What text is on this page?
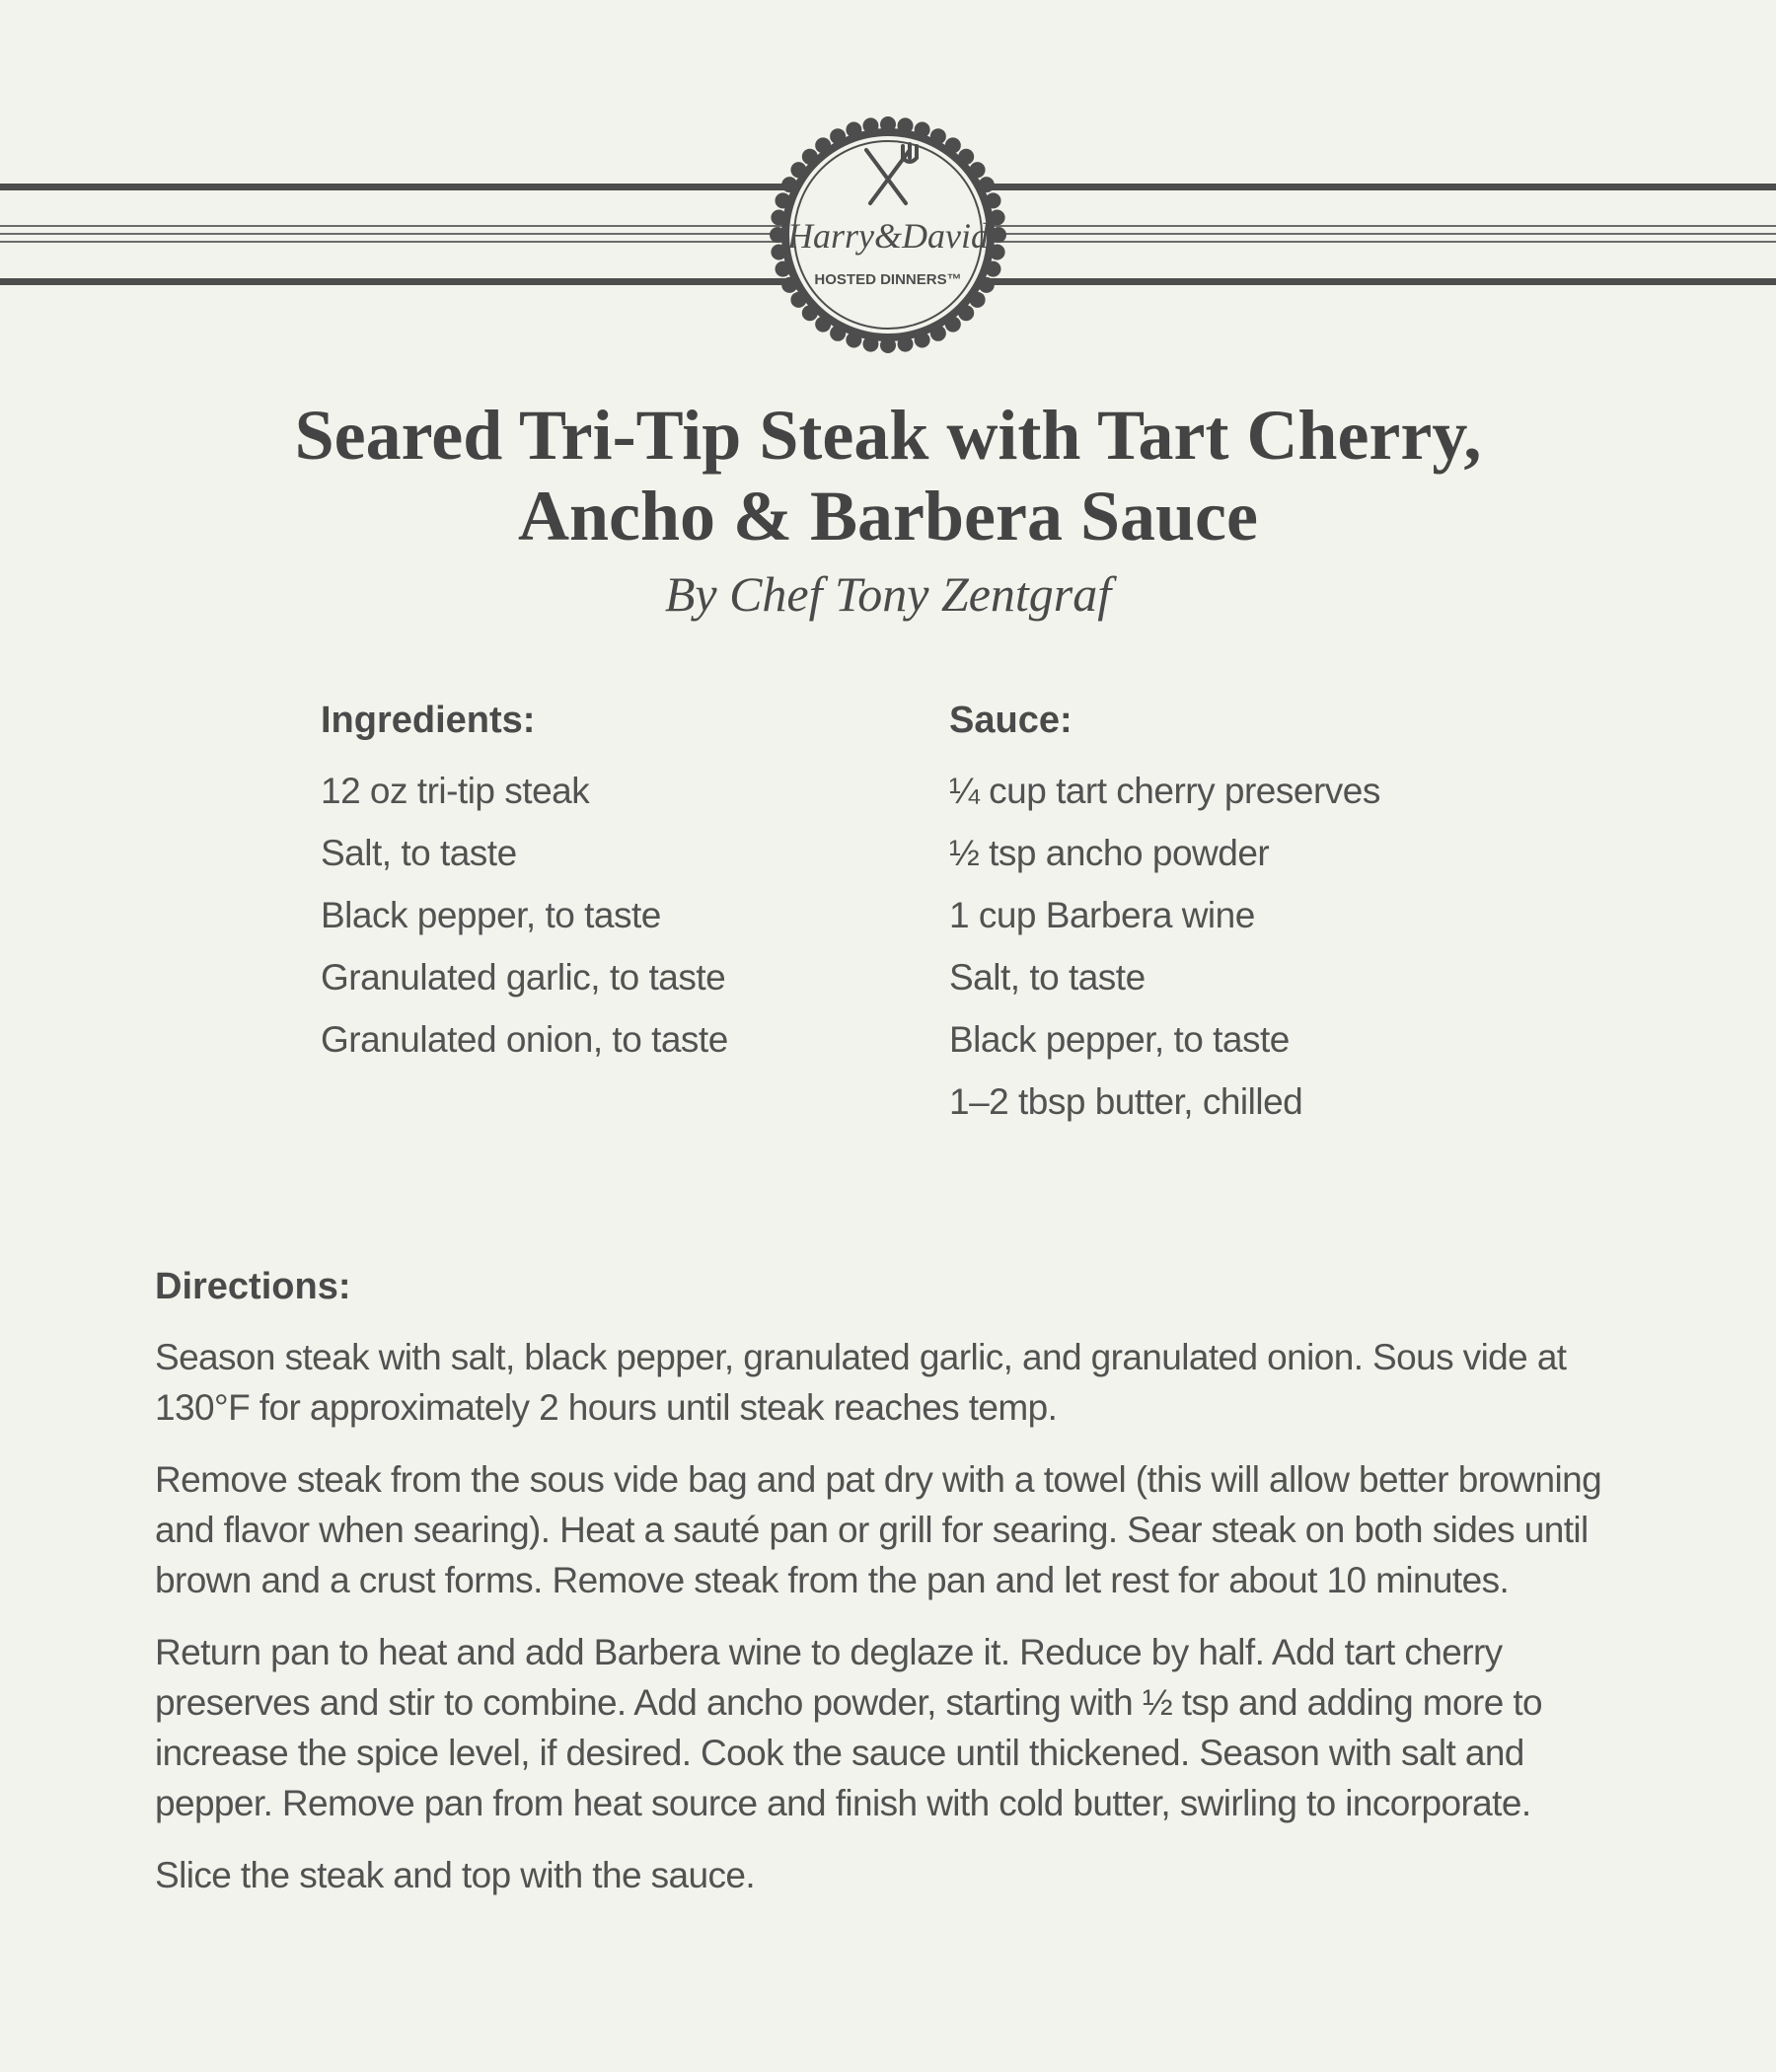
Harry&David
HOSTED DINNERS™
Seared Tri-Tip Steak with Tart Cherry,
Ancho & Barbera Sauce

By Chef Tony Zentgraf

Ingredients:
12 oz tri-tip steak
Salt, to taste
Black pepper, to taste
Granulated garlic, to taste
Granulated onion, to taste
Sauce:
¼ cup tart cherry preserves
½ tsp ancho powder
1 cup Barbera wine
Salt, to taste
Black pepper, to taste
1–2 tbsp butter, chilled
Directions:

Season steak with salt, black pepper, granulated garlic, and granulated onion. Sous vide at 130°F for approximately 2 hours until steak reaches temp.

Remove steak from the sous vide bag and pat dry with a towel (this will allow better browning and flavor when searing). Heat a sauté pan or grill for searing. Sear steak on both sides until brown and a crust forms. Remove steak from the pan and let rest for about 10 minutes.

Return pan to heat and add Barbera wine to deglaze it. Reduce by half. Add tart cherry preserves and stir to combine. Add ancho powder, starting with ½ tsp and adding more to increase the spice level, if desired. Cook the sauce until thickened. Season with salt and pepper. Remove pan from heat source and finish with cold butter, swirling to incorporate.

Slice the steak and top with the sauce.
